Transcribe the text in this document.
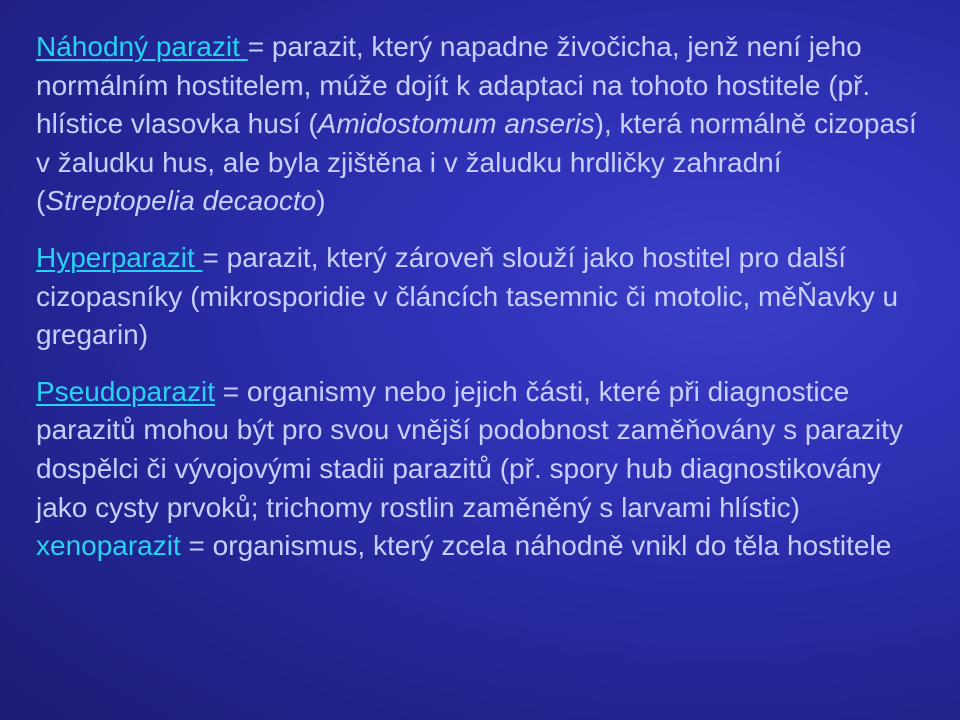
Náhodný parazit = parazit, který napadne živočicha, jenž není jeho normálním hostitelem, múže dojít k adaptaci na tohoto hostitele (př. hlístice vlasovka husí (Amidostomum anseris), která normálně cizopasí v žaludku hus, ale byla zjištěna i v žaludku hrdličky zahradní (Streptopelia decaocto)

Hyperparazit = parazit, který zároveň slouží jako hostitel pro další cizopasníky (mikrosporidie v článcích tasemnic či motolic, měŇavky u gregarin)

Pseudoparazit = organismy nebo jejich části, které při diagnostice parazitů mohou být pro svou vnější podobnost zaměňovány s parazity dospělci či vývojovými stadii parazitů (př. spory hub diagnostikovány jako cysty prvoků; trichomy rostlin zaměněný s larvami hlístic)

xenoparazit = organismus, který zcela náhodně vnikl do těla hostitele
